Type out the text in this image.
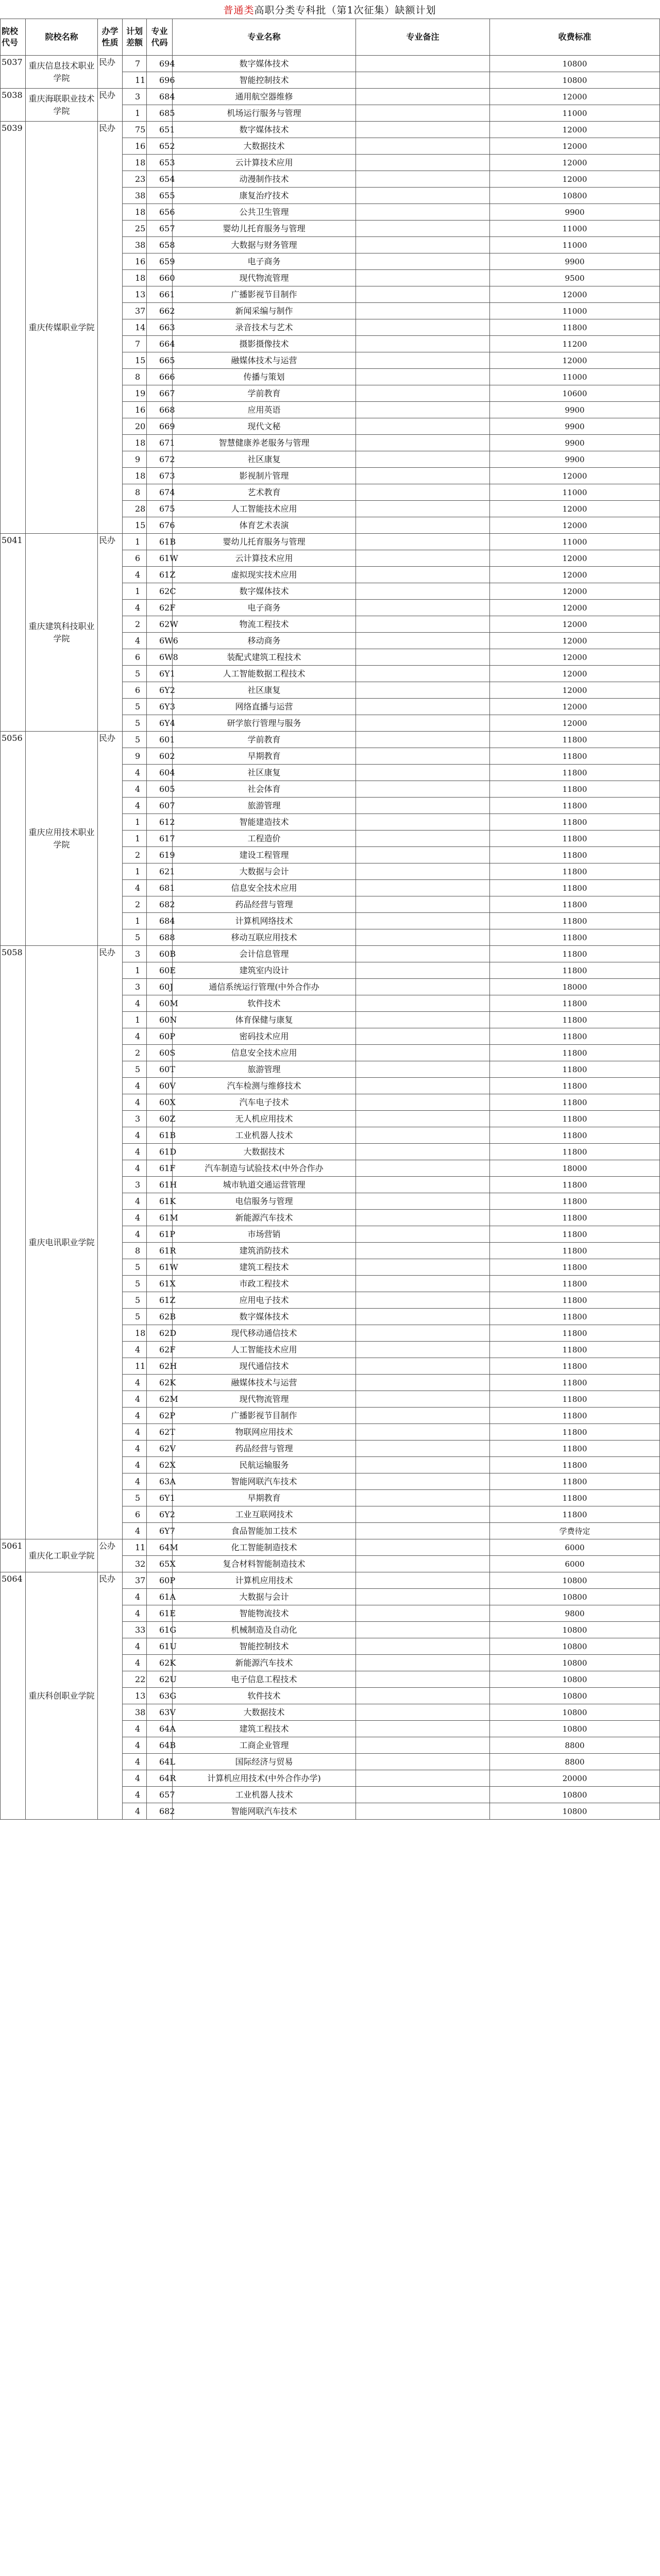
普通类 高职分类专科批（第1次征集）缺额计划
院校代号	院校名称	办学性质	计划差额	专业代码	专业名称	专业备注	收费标准
5037	重庆信息技术职业学院	民办	7	694	数字媒体技术		10800
			11	696	智能控制技术		10800
5038	重庆海联职业技术学院	民办	3	684	通用航空器维修		12000
			1	685	机场运行服务与管理		11000
5039	重庆传媒职业学院	民办	75	651	数字媒体技术		12000
			16	652	大数据技术		12000
			18	653	云计算技术应用		12000
			23	654	动漫制作技术		12000
			38	655	康复治疗技术		10800
			18	656	公共卫生管理		9900
			25	657	婴幼儿托育服务与管理		11000
			38	658	大数据与财务管理		11000
			16	659	电子商务		9900
			18	660	现代物流管理		9500
			13	661	广播影视节目制作		12000
			37	662	新闻采编与制作		11000
			14	663	录音技术与艺术		11800
			7	664	摄影摄像技术		11200
			15	665	融媒体技术与运营		12000
			8	666	传播与策划		11000
			19	667	学前教育		10600
			16	668	应用英语		9900
			20	669	现代文秘		9900
			18	671	智慧健康养老服务与管理		9900
			9	672	社区康复		9900
			18	673	影视制片管理		12000
			8	674	艺术教育		11000
			28	675	人工智能技术应用		12000
			15	676	体育艺术表演		12000
5041	重庆建筑科技职业学院	民办	1	61B	婴幼儿托育服务与管理		11000
			6	61W	云计算技术应用		12000
			4	61Z	虚拟现实技术应用		12000
			1	62C	数字媒体技术		12000
			4	62F	电子商务		12000
			2	62W	物流工程技术		12000
			4	6W6	移动商务		12000
			6	6W8	装配式建筑工程技术		12000
			5	6Y1	人工智能数据工程技术		12000
			6	6Y2	社区康复		12000
			5	6Y3	网络直播与运营		12000
			5	6Y4	研学旅行管理与服务		12000
5056	重庆应用技术职业学院	民办	5	601	学前教育		11800
			9	602	早期教育		11800
			4	604	社区康复		11800
			4	605	社会体育		11800
			4	607	旅游管理		11800
			1	612	智能建造技术		11800
			1	617	工程造价		11800
			2	619	建设工程管理		11800
			1	621	大数据与会计		11800
			4	681	信息安全技术应用		11800
			2	682	药品经营与管理		11800
			1	684	计算机网络技术		11800
			5	688	移动互联应用技术		11800
5058	重庆电讯职业学院	民办	3	60B	会计信息管理		11800
			1	60E	建筑室内设计		11800
			3	60J	通信系统运行管理(中外合作办		18000
			4	60M	软件技术		11800
			1	60N	体育保健与康复		11800
			4	60P	密码技术应用		11800
			2	60S	信息安全技术应用		11800
			5	60T	旅游管理		11800
			4	60V	汽车检测与维修技术		11800
			4	60X	汽车电子技术		11800
			3	60Z	无人机应用技术		11800
			4	61B	工业机器人技术		11800
			4	61D	大数据技术		11800
			4	61F	汽车制造与试验技术(中外合作办		18000
			3	61H	城市轨道交通运营管理		11800
			4	61K	电信服务与管理		11800
			4	61M	新能源汽车技术		11800
			4	61P	市场营销		11800
			8	61R	建筑消防技术		11800
			5	61W	建筑工程技术		11800
			5	61X	市政工程技术		11800
			5	61Z	应用电子技术		11800
			5	62B	数字媒体技术		11800
			18	62D	现代移动通信技术		11800
			4	62F	人工智能技术应用		11800
			11	62H	现代通信技术		11800
			4	62K	融媒体技术与运营		11800
			4	62M	现代物流管理		11800
			4	62P	广播影视节目制作		11800
			4	62T	物联网应用技术		11800
			4	62V	药品经营与管理		11800
			4	62X	民航运输服务		11800
			4	63A	智能网联汽车技术		11800
			5	6Y1	早期教育		11800
			6	6Y2	工业互联网技术		11800
			4	6Y7	食品智能加工技术		学费待定
5061	重庆化工职业学院	公办	11	64M	化工智能制造技术		6000
			32	65X	复合材料智能制造技术		6000
5064	重庆科创职业学院	民办	37	60P	计算机应用技术		10800
			4	61A	大数据与会计		10800
			4	61E	智能物流技术		9800
			33	61G	机械制造及自动化		10800
			4	61U	智能控制技术		10800
			4	62K	新能源汽车技术		10800
			22	62U	电子信息工程技术		10800
			13	63G	软件技术		10800
			38	63V	大数据技术		10800
			4	64A	建筑工程技术		10800
			4	64B	工商企业管理		8800
			4	64L	国际经济与贸易		8800
			4	64R	计算机应用技术(中外合作办学)		20000
			4	657	工业机器人技术		10800
			4	682	智能网联汽车技术		10800
